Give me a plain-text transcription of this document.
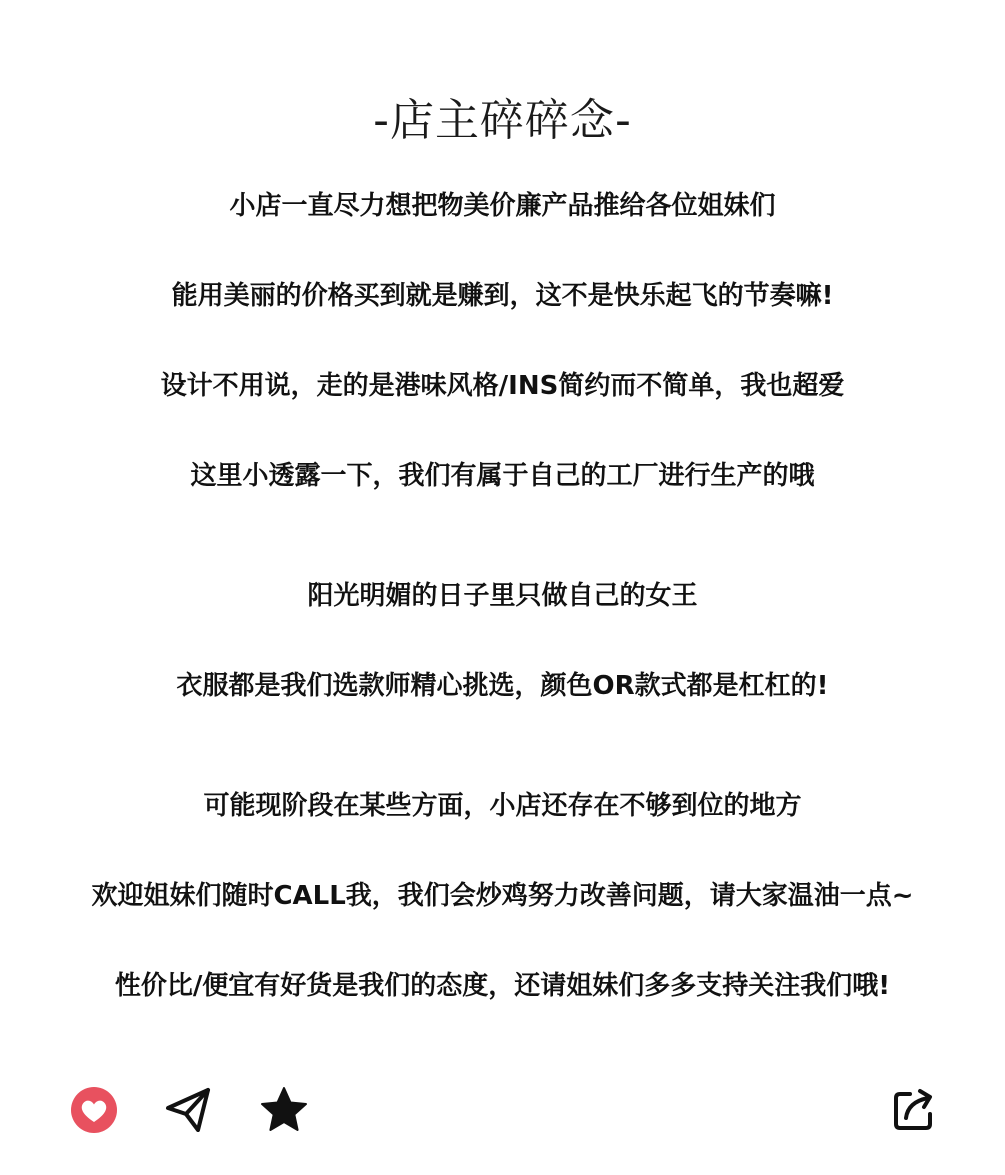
-店主碎碎念-
小店一直尽力想把物美价廉产品推给各位姐妹们
能用美丽的价格买到就是赚到，这不是快乐起飞的节奏嘛!
设计不用说，走的是港味风格/INS简约而不简单，我也超爱
这里小透露一下，我们有属于自己的工厂进行生产的哦
阳光明媚的日子里只做自己的女王
衣服都是我们选款师精心挑选，颜色OR款式都是杠杠的!
可能现阶段在某些方面，小店还存在不够到位的地方
欢迎姐妹们随时CALL我，我们会炒鸡努力改善问题，请大家温油一点~
性价比/便宜有好货是我们的态度，还请姐妹们多多支持关注我们哦!
